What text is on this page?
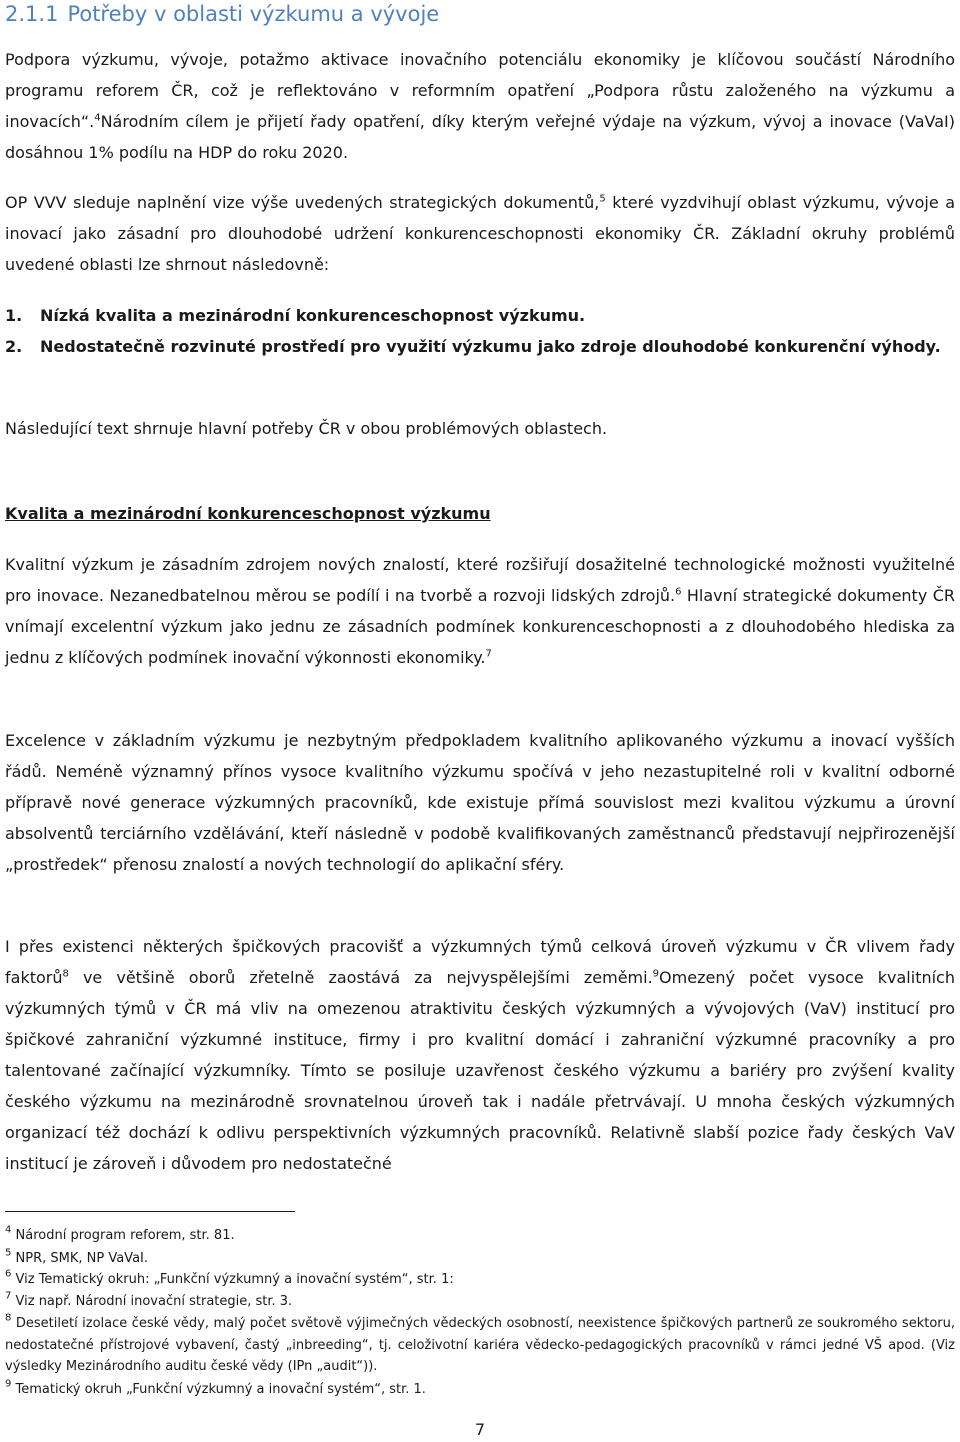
2.1.1 Potřeby v oblasti výzkumu a vývoje

Podpora výzkumu, vývoje, potažmo aktivace inovačního potenciálu ekonomiky je klíčovou součástí Národního programu reforem ČR, což je reflektováno v reformním opatření „Podpora růstu založeného na výzkumu a inovacích“.$^4$Národním cílem je přijetí řady opatření, díky kterým veřejné výdaje na výzkum, vývoj a inovace (VaVaI) dosáhnou 1% podílu na HDP do roku 2020.

OP VVV sleduje naplnění vize výše uvedených strategických dokumentů,$^5$ které vyzdvihují oblast výzkumu, vývoje a inovací jako zásadní pro dlouhodobé udržení konkurenceschopnosti ekonomiky ČR. Základní okruhy problémů uvedené oblasti lze shrnout následovně:

1.	Nízká kvalita a mezinárodní konkurenceschopnost výzkumu.
2.	Nedostatečně rozvinuté prostředí pro využití výzkumu jako zdroje dlouhodobé konkurenční výhody.

Následující text shrnuje hlavní potřeby ČR v obou problémových oblastech.

Kvalita a mezinárodní konkurenceschopnost výzkumu

Kvalitní výzkum je zásadním zdrojem nových znalostí, které rozšiřují dosažitelné technologické možnosti využitelné pro inovace. Nezanedbatelnou měrou se podílí i na tvorbě a rozvoji lidských zdrojů.$^6$ Hlavní strategické dokumenty ČR vnímají excelentní výzkum jako jednu ze zásadních podmínek konkurenceschopnosti a z dlouhodobého hlediska za jednu z klíčových podmínek inovační výkonnosti ekonomiky.$^7$

Excelence v základním výzkumu je nezbytným předpokladem kvalitního aplikovaného výzkumu a inovací vyšších řádů. Neméně významný přínos vysoce kvalitního výzkumu spočívá v jeho nezastupitelné roli v kvalitní odborné přípravě nové generace výzkumných pracovníků, kde existuje přímá souvislost mezi kvalitou výzkumu a úrovní absolventů terciárního vzdělávání, kteří následně v podobě kvalifikovaných zaměstnanců představují nejpřirozenější „prostředek“ přenosu znalostí a nových technologií do aplikační sféry.

I přes existenci některých špičkových pracovišť a výzkumných týmů celková úroveň výzkumu v ČR vlivem řady faktorů$^8$ ve většině oborů zřetelně zaostává za nejvyspělejšími zeměmi.$^9$Omezený počet vysoce kvalitních výzkumných týmů v ČR má vliv na omezenou atraktivitu českých výzkumných a vývojových (VaV) institucí pro špičkové zahraniční výzkumné instituce, firmy i pro kvalitní domácí i zahraniční výzkumné pracovníky a pro talentované začínající výzkumníky. Tímto se posiluje uzavřenost českého výzkumu a bariéry pro zvýšení kvality českého výzkumu na mezinárodně srovnatelnou úroveň tak i nadále přetrvávají. U mnoha českých výzkumných organizací též dochází k odlivu perspektivních výzkumných pracovníků. Relativně slabší pozice řady českých VaV institucí je zároveň i důvodem pro nedostatečné

$^4$ Národní program reforem, str. 81.

$^5$ NPR, SMK, NP VaVaI.

$^6$ Viz Tematický okruh: „Funkční výzkumný a inovační systém“, str. 1:

$^7$ Viz např. Národní inovační strategie, str. 3.

$^8$ Desetiletí izolace české vědy, malý počet světově výjimečných vědeckých osobností, neexistence špičkových partnerů ze soukromého sektoru, nedostatečné přístrojové vybavení, častý „inbreeding“, tj. celoživotní kariéra vědecko-pedagogických pracovníků v rámci jedné VŠ apod. (Viz výsledky Mezinárodního auditu české vědy (IPn „audit“)).

$^9$ Tematický okruh „Funkční výzkumný a inovační systém“, str. 1.

7
